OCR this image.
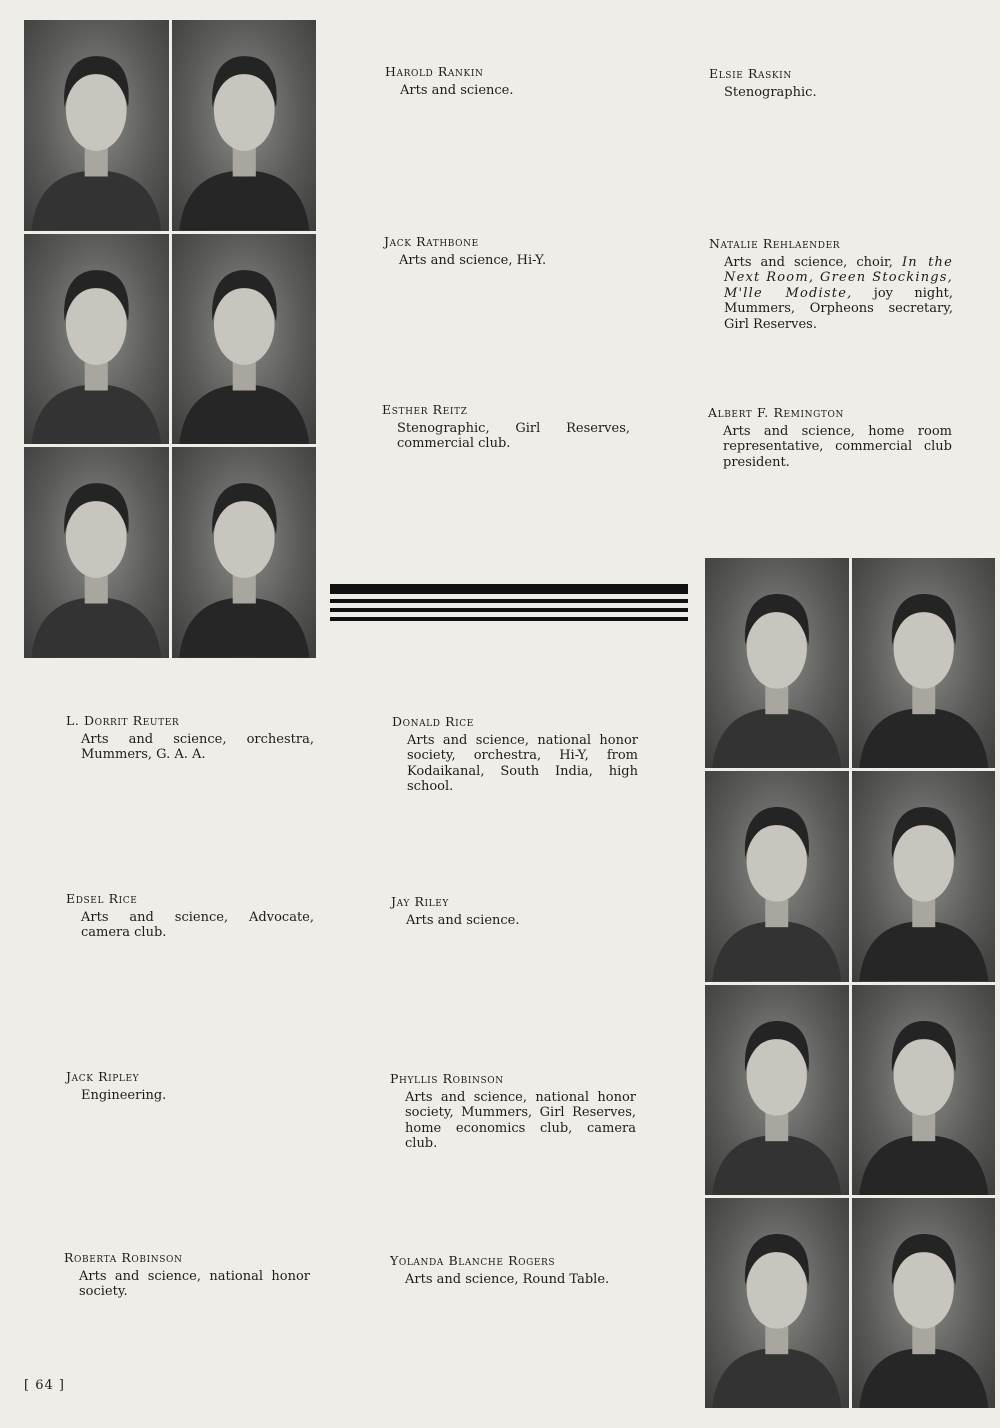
Harold Rankin
Arts and science.
Elsie Raskin
Stenographic.
Jack Rathbone
Arts and science, Hi-Y.
Natalie Rehlaender
Arts and science, choir, In the Next Room, Green Stockings, M'lle Modiste, joy night, Mummers, Orpheons secretary, Girl Reserves.
Esther Reitz
Stenographic, Girl Reserves, commercial club.
Albert F. Remington
Arts and science, home room representative, commercial club president.
L. Dorrit Reuter
Arts and science, orchestra, Mummers, G. A. A.
Donald Rice
Arts and science, national honor society, orchestra, Hi-Y, from Kodaikanal, South India, high school.
Edsel Rice
Arts and science, Advocate, camera club.
Jay Riley
Arts and science.
Jack Ripley
Engineering.
Phyllis Robinson
Arts and science, national honor society, Mummers, Girl Reserves, home economics club, camera club.
Roberta Robinson
Arts and science, national honor society.
Yolanda Blanche Rogers
Arts and science, Round Table.
[ 64 ]
